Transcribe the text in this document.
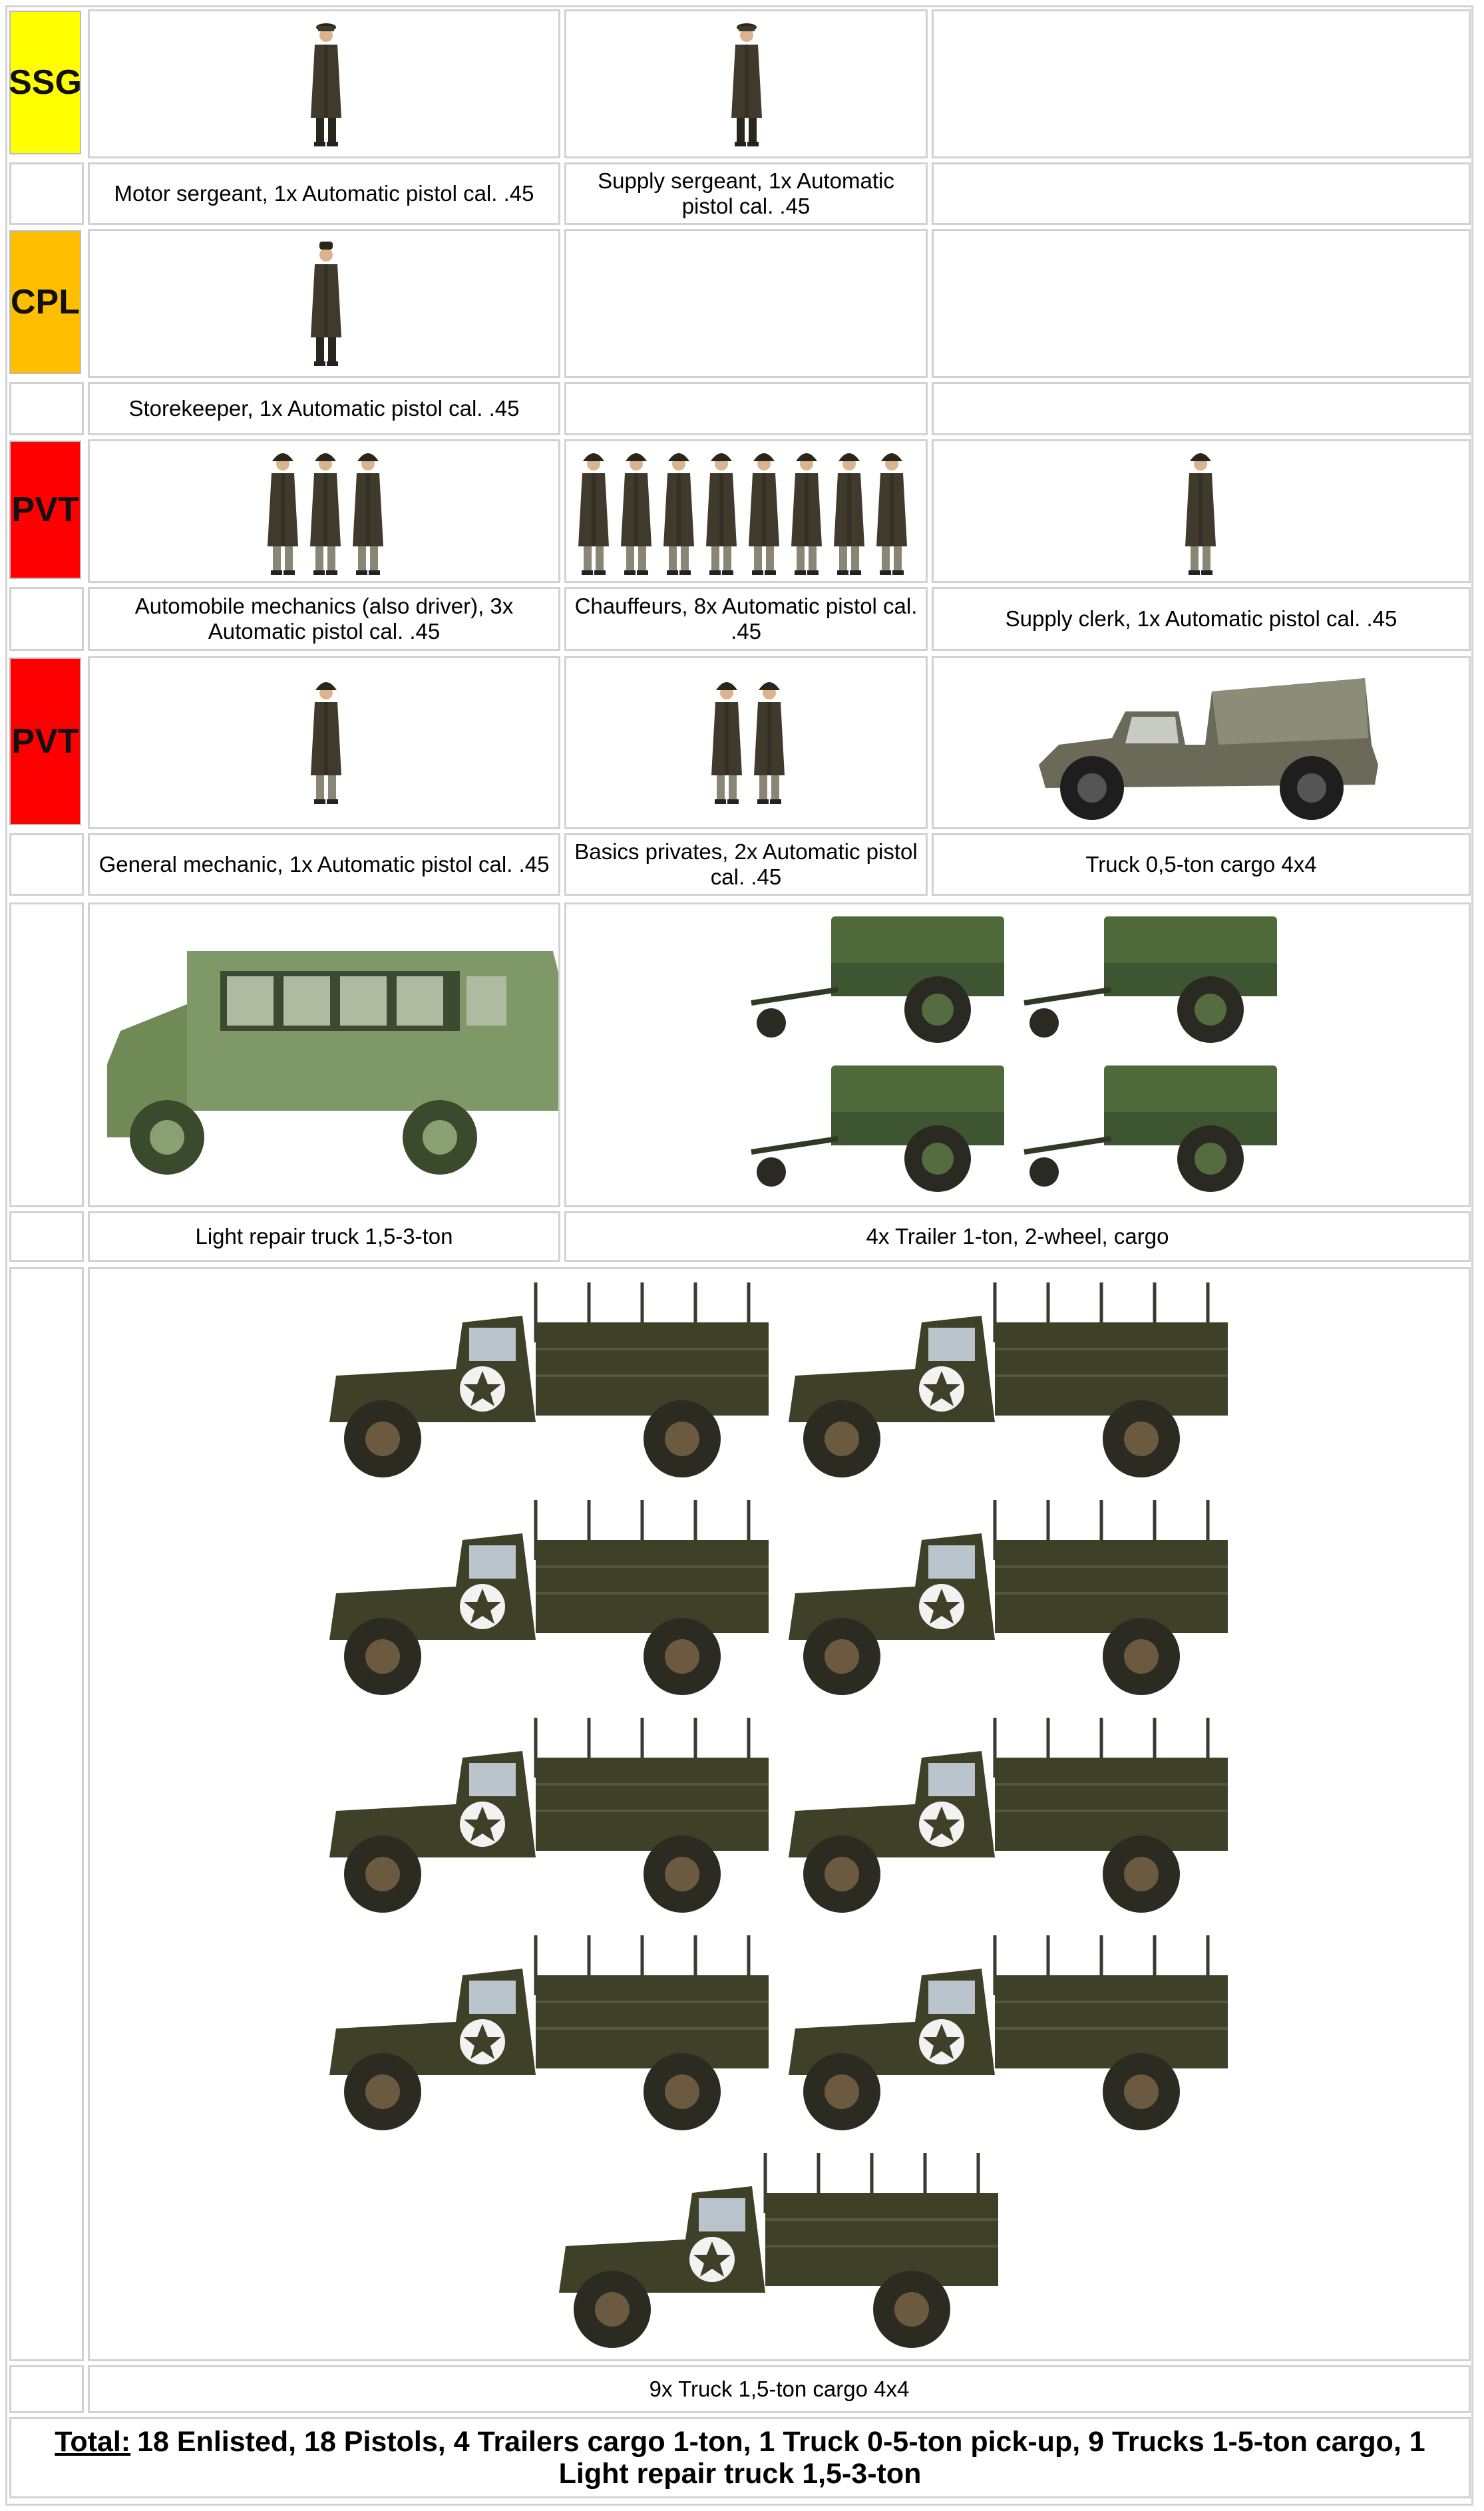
SSG
Motor sergeant, 1x Automatic pistol cal. .45
Supply sergeant, 1x Automatic pistol cal. .45
CPL
Storekeeper, 1x Automatic pistol cal. .45
PVT
Automobile mechanics (also driver), 3x Automatic pistol cal. .45
Chauffeurs, 8x Automatic pistol cal. .45
Supply clerk, 1x Automatic pistol cal. .45
PVT
General mechanic, 1x Automatic pistol cal. .45
Basics privates, 2x Automatic pistol cal. .45
Truck 0,5-ton cargo 4x4
Light repair truck 1,5-3-ton	4x Trailer 1-ton, 2-wheel, cargo
9x Truck 1,5-ton cargo 4x4
Total: 18 Enlisted, 18 Pistols, 4 Trailers cargo 1-ton, 1 Truck 0-5-ton pick-up, 9 Trucks 1-5-ton cargo, 1 Light repair truck 1,5-3-ton
